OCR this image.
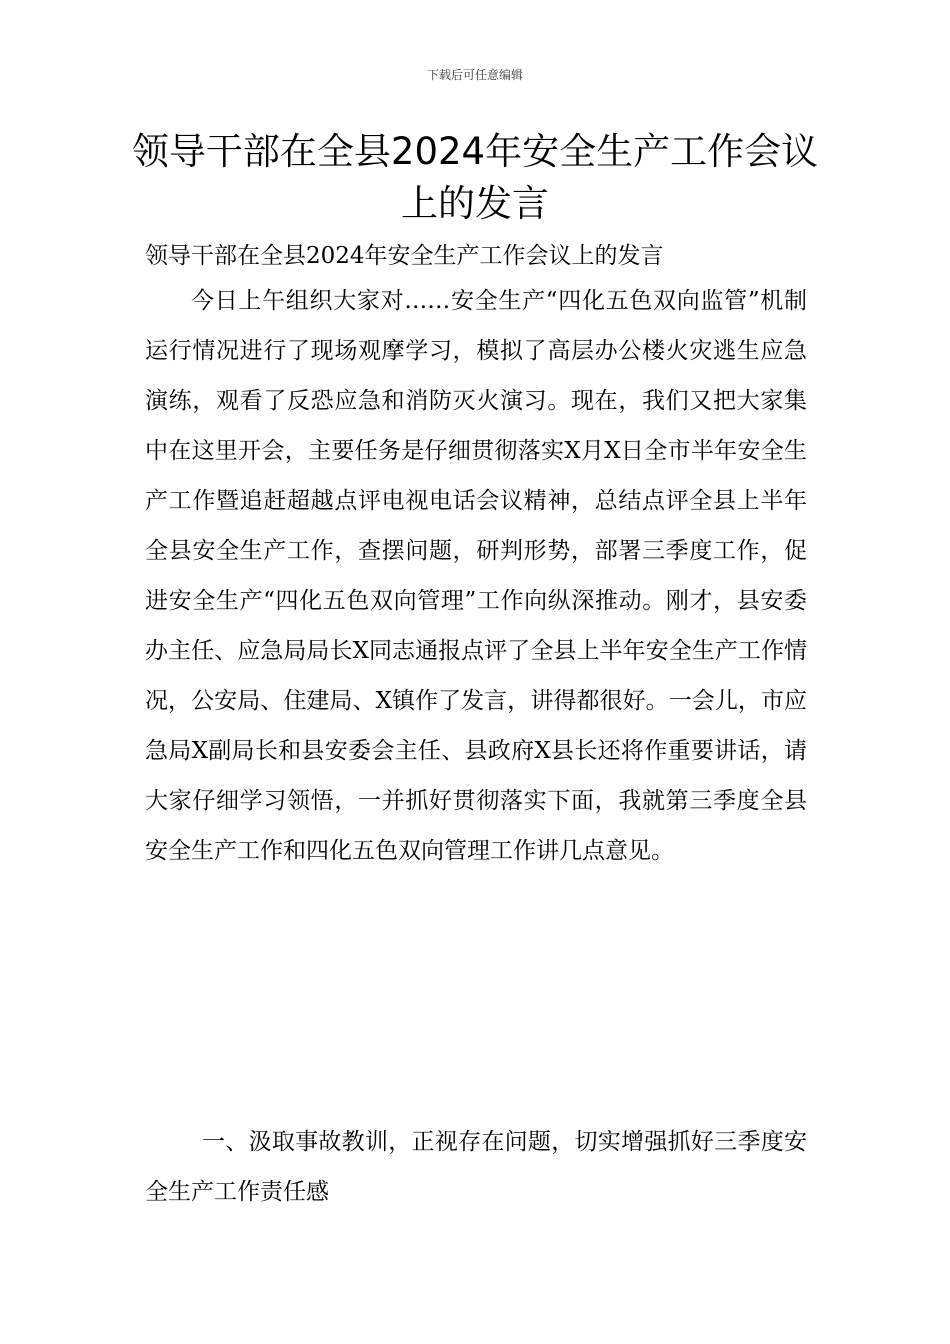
下载后可任意编辑
领导干部在全县2024年安全生产工作会议上的发言

领导干部在全县2024年安全生产工作会议上的发言

今日上午组织大家对……安全生产“四化五色双向监管”机制运行情况进行了现场观摩学习，模拟了高层办公楼火灾逃生应急演练，观看了反恐应急和消防灭火演习。现在，我们又把大家集中在这里开会，主要任务是仔细贯彻落实X月X日全市半年安全生产工作暨追赶超越点评电视电话会议精神，总结点评全县上半年全县安全生产工作，查摆问题，研判形势，部署三季度工作，促进安全生产“四化五色双向管理”工作向纵深推动。刚才，县安委办主任、应急局局长X同志通报点评了全县上半年安全生产工作情况，公安局、住建局、X镇作了发言，讲得都很好。一会儿，市应急局X副局长和县安委会主任、县政府X县长还将作重要讲话，请大家仔细学习领悟，一并抓好贯彻落实下面，我就第三季度全县安全生产工作和四化五色双向管理工作讲几点意见。

一、汲取事故教训，正视存在问题，切实增强抓好三季度安全生产工作责任感
